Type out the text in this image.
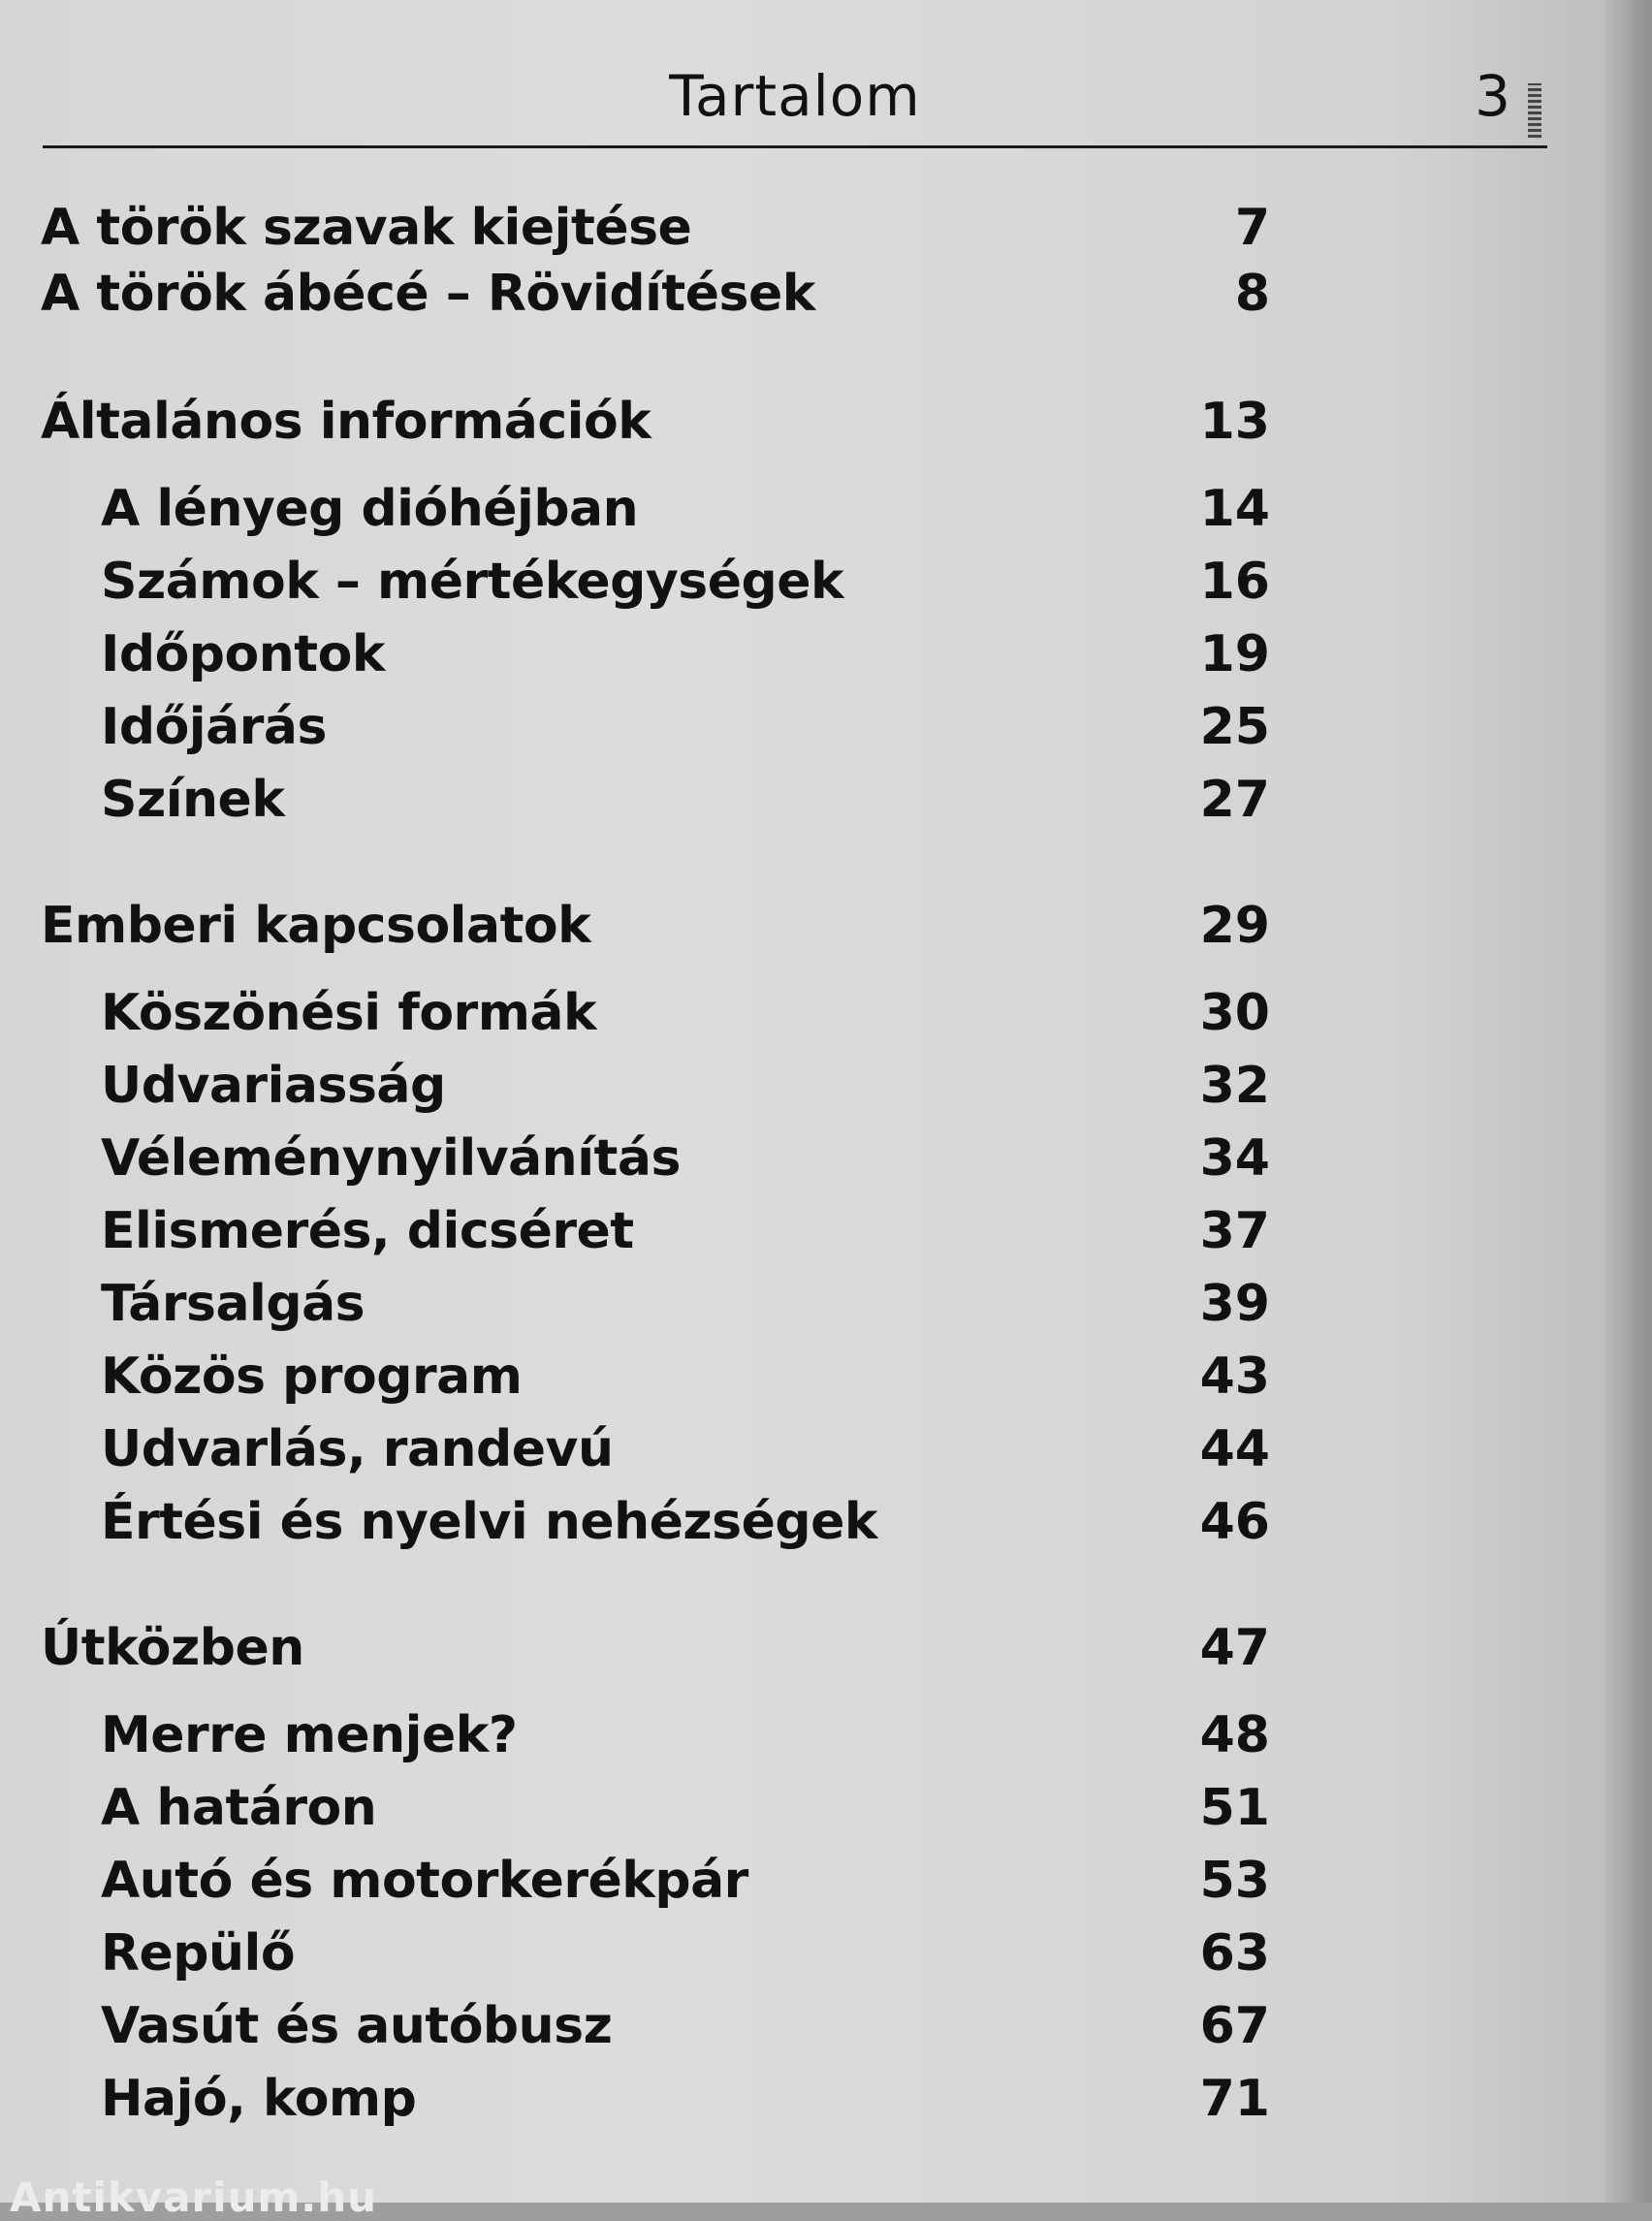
Tartalom	3
A török szavak kiejtése	7
A török ábécé – Rövidítések	8
Általános információk	13
A lényeg dióhéjban	14
Számok – mértékegységek	16
Időpontok	19
Időjárás	25
Színek	27
Emberi kapcsolatok	29
Köszönési formák	30
Udvariasság	32
Véleménynyilvánítás	34
Elismerés, dicséret	37
Társalgás	39
Közös program	43
Udvarlás, randevú	44
Értési és nyelvi nehézségek	46
Útközben	47
Merre menjek?	48
A határon	51
Autó és motorkerékpár	53
Repülő	63
Vasút és autóbusz	67
Hajó, komp	71
Antikvarium.hu
